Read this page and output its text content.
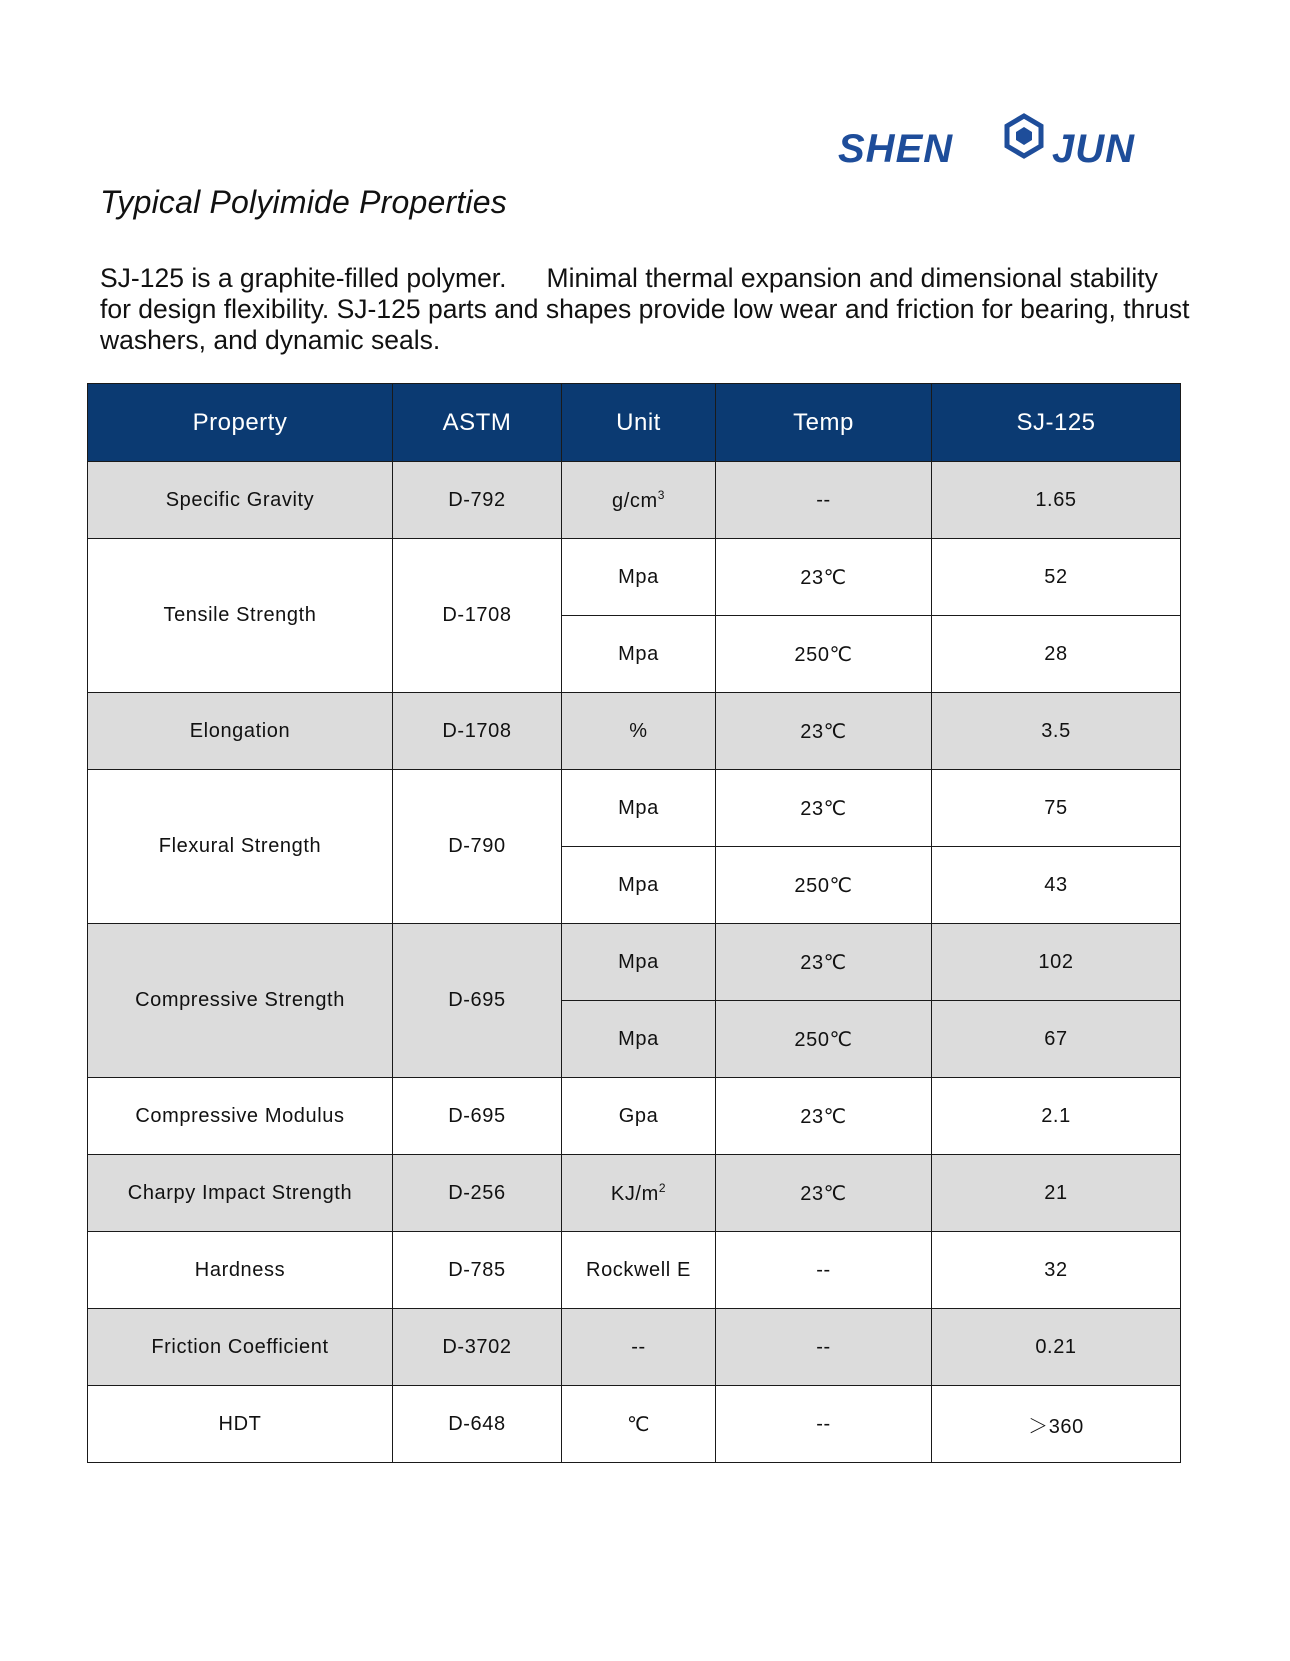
SHEN JUN
Typical Polyimide Properties

SJ-125 is a graphite-filled polymer. Minimal thermal expansion and dimensional stability for design flexibility. SJ-125 parts and shapes provide low wear and friction for bearing, thrust washers, and dynamic seals.

Property	ASTM	Unit	Temp	SJ-125
Specific Gravity	D-792	$g/cm^3$	--	1.65
Tensile Strength	D-1708	Mpa	23℃	52
		Mpa	250℃	28
Elongation	D-1708	%	23℃	3.5
Flexural Strength	D-790	Mpa	23℃	75
		Mpa	250℃	43
Compressive Strength	D-695	Mpa	23℃	102
		Mpa	250℃	67
Compressive Modulus	D-695	Gpa	23℃	2.1
Charpy Impact Strength	D-256	$KJ/m^2$	23℃	21
Hardness	D-785	Rockwell E	--	32
Friction Coefficient	D-3702	--	--	0.21
HDT	D-648	℃	--	＞360
